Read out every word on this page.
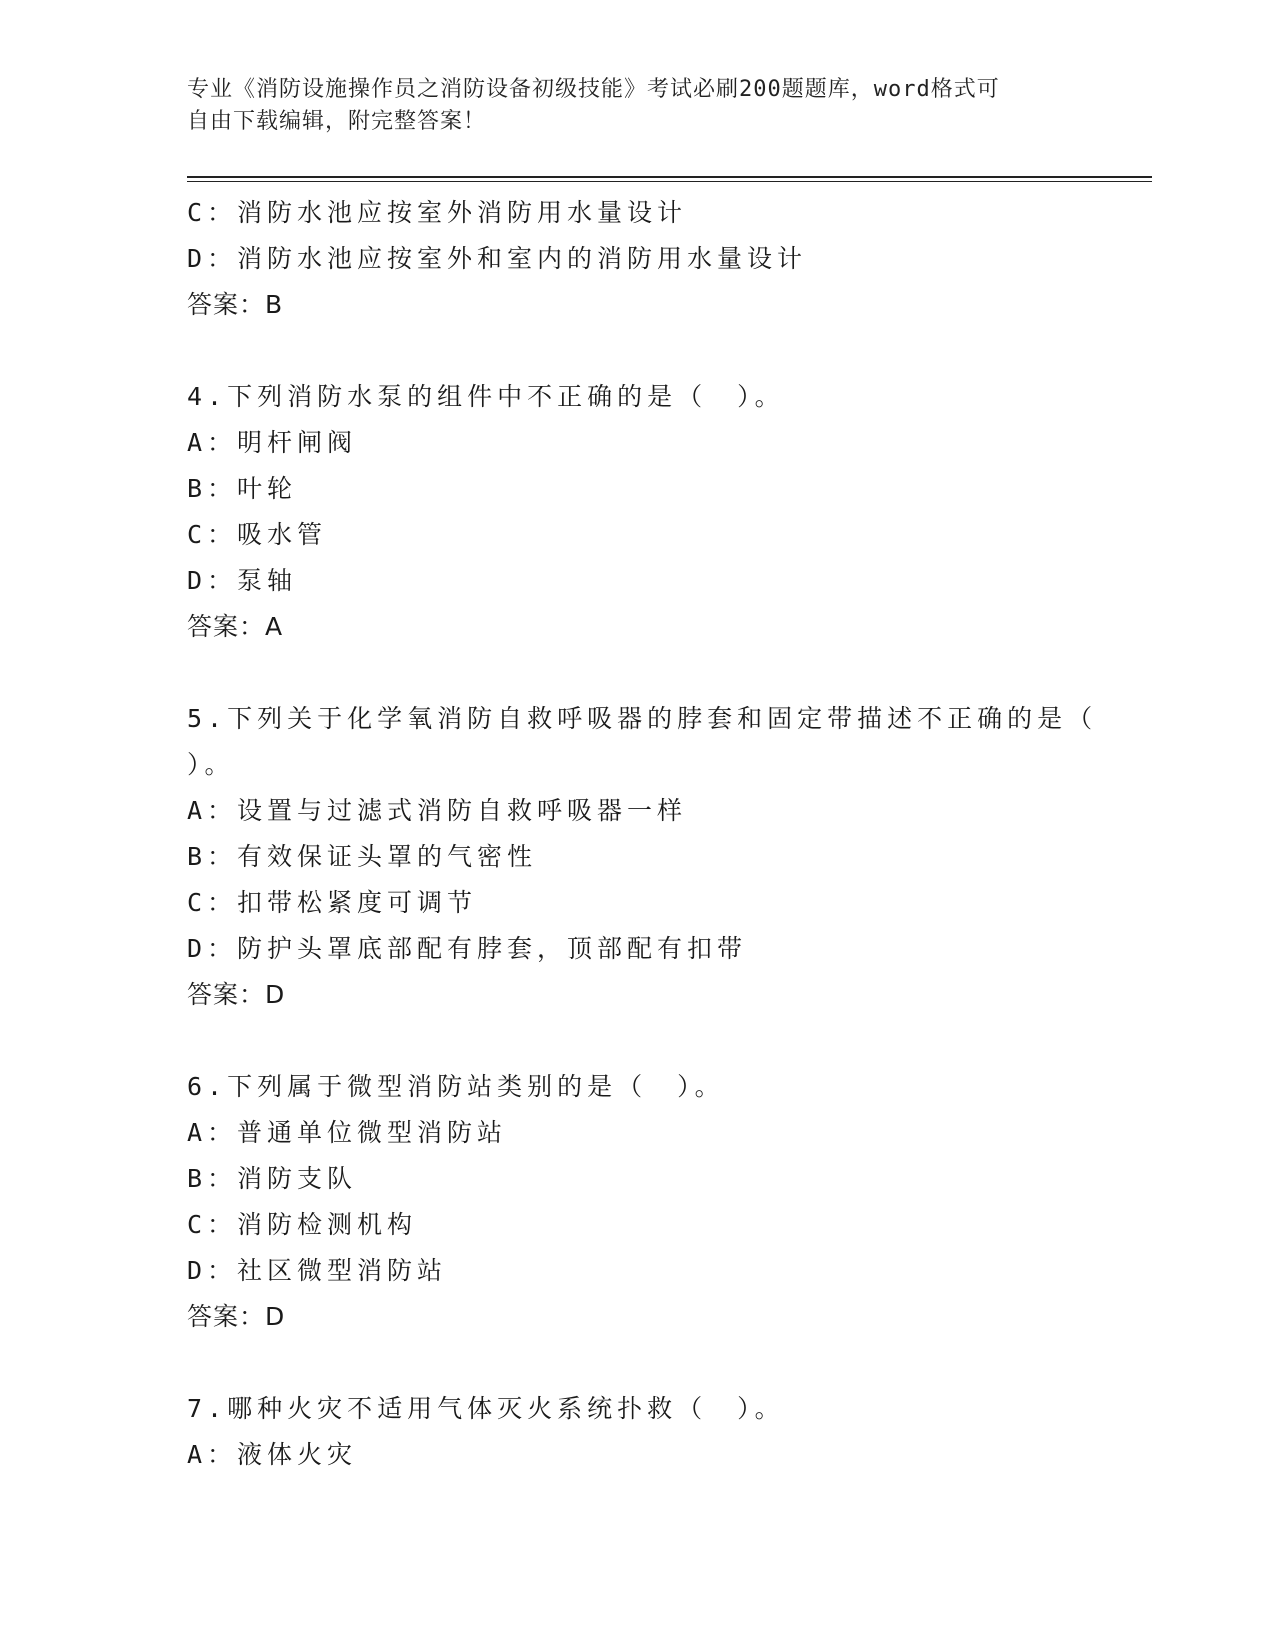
专业《消防设施操作员之消防设备初级技能》考试必刷200题题库，word格式可
自由下载编辑，附完整答案！
C：消防水池应按室外消防用水量设计
D：消防水池应按室外和室内的消防用水量设计
答案：B
4.下列消防水泵的组件中不正确的是（　）。
A：明杆闸阀
B：叶轮
C：吸水管
D：泵轴
答案：A
5.下列关于化学氧消防自救呼吸器的脖套和固定带描述不正确的是（
）。
A：设置与过滤式消防自救呼吸器一样
B：有效保证头罩的气密性
C：扣带松紧度可调节
D：防护头罩底部配有脖套，顶部配有扣带
答案：D
6.下列属于微型消防站类别的是（　）。
A：普通单位微型消防站
B：消防支队
C：消防检测机构
D：社区微型消防站
答案：D
7.哪种火灾不适用气体灭火系统扑救（　）。
A：液体火灾
